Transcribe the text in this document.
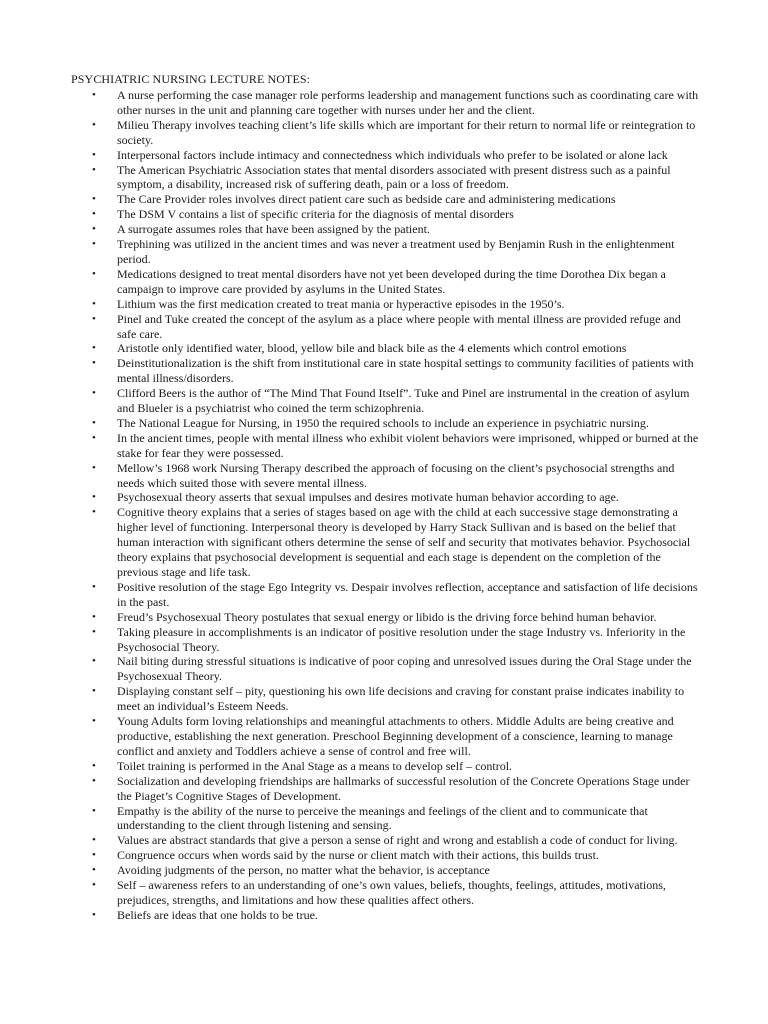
PSYCHIATRIC NURSING LECTURE NOTES:
• A nurse performing the case manager role performs leadership and management functions such as coordinating care with other nurses in the unit and planning care together with nurses under her and the client.
• Milieu Therapy involves teaching client’s life skills which are important for their return to normal life or reintegration to society.
• Interpersonal factors include intimacy and connectedness which individuals who prefer to be isolated or alone lack
• The American Psychiatric Association states that mental disorders associated with present distress such as a painful symptom, a disability, increased risk of suffering death, pain or a loss of freedom.
• The Care Provider roles involves direct patient care such as bedside care and administering medications
• The DSM V contains a list of specific criteria for the diagnosis of mental disorders
• A surrogate assumes roles that have been assigned by the patient.
• Trephining was utilized in the ancient times and was never a treatment used by Benjamin Rush in the enlightenment period.
• Medications designed to treat mental disorders have not yet been developed during the time Dorothea Dix began a campaign to improve care provided by asylums in the United States.
• Lithium was the first medication created to treat mania or hyperactive episodes in the 1950’s.
• Pinel and Tuke created the concept of the asylum as a place where people with mental illness are provided refuge and safe care.
• Aristotle only identified water, blood, yellow bile and black bile as the 4 elements which control emotions
• Deinstitutionalization is the shift from institutional care in state hospital settings to community facilities of patients with mental illness/disorders.
• Clifford Beers is the author of “The Mind That Found Itself”. Tuke and Pinel are instrumental in the creation of asylum and Blueler is a psychiatrist who coined the term schizophrenia.
• The National League for Nursing, in 1950 the required schools to include an experience in psychiatric nursing.
• In the ancient times, people with mental illness who exhibit violent behaviors were imprisoned, whipped or burned at the stake for fear they were possessed.
• Mellow’s 1968 work Nursing Therapy described the approach of focusing on the client’s psychosocial strengths and needs which suited those with severe mental illness.
• Psychosexual theory asserts that sexual impulses and desires motivate human behavior according to age.
• Cognitive theory explains that a series of stages based on age with the child at each successive stage demonstrating a higher level of functioning. Interpersonal theory is developed by Harry Stack Sullivan and is based on the belief that human interaction with significant others determine the sense of self and security that motivates behavior. Psychosocial theory explains that psychosocial development is sequential and each stage is dependent on the completion of the previous stage and life task.
• Positive resolution of the stage Ego Integrity vs. Despair involves reflection, acceptance and satisfaction of life decisions in the past.
• Freud’s Psychosexual Theory postulates that sexual energy or libido is the driving force behind human behavior.
• Taking pleasure in accomplishments is an indicator of positive resolution under the stage Industry vs. Inferiority in the Psychosocial Theory.
• Nail biting during stressful situations is indicative of poor coping and unresolved issues during the Oral Stage under the Psychosexual Theory.
• Displaying constant self – pity, questioning his own life decisions and craving for constant praise indicates inability to meet an individual’s Esteem Needs.
• Young Adults form loving relationships and meaningful attachments to others. Middle Adults are being creative and productive, establishing the next generation. Preschool Beginning development of a conscience, learning to manage conflict and anxiety and Toddlers achieve a sense of control and free will.
• Toilet training is performed in the Anal Stage as a means to develop self – control.
• Socialization and developing friendships are hallmarks of successful resolution of the Concrete Operations Stage under the Piaget’s Cognitive Stages of Development.
• Empathy is the ability of the nurse to perceive the meanings and feelings of the client and to communicate that understanding to the client through listening and sensing.
• Values are abstract standards that give a person a sense of right and wrong and establish a code of conduct for living.
• Congruence occurs when words said by the nurse or client match with their actions, this builds trust.
• Avoiding judgments of the person, no matter what the behavior, is acceptance
• Self – awareness refers to an understanding of one’s own values, beliefs, thoughts, feelings, attitudes, motivations, prejudices, strengths, and limitations and how these qualities affect others.
• Beliefs are ideas that one holds to be true.
